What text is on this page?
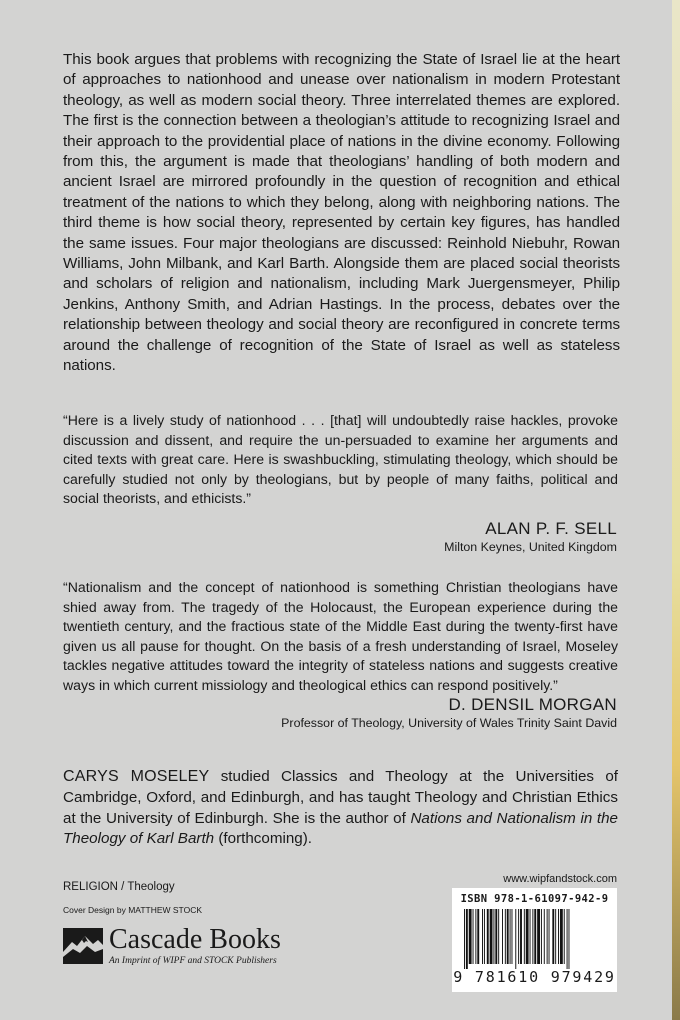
This book argues that problems with recognizing the State of Israel lie at the heart of approaches to nationhood and unease over nationalism in modern Protestant theology, as well as modern social theory. Three interrelated themes are explored. The first is the connection between a theologian’s attitude to recognizing Israel and their approach to the providential place of nations in the divine economy. Following from this, the argument is made that theologians’ handling of both modern and ancient Israel are mirrored profoundly in the question of recognition and ethical treatment of the nations to which they belong, along with neighboring nations. The third theme is how social theory, represented by certain key figures, has handled the same issues. Four major theologians are discussed: Reinhold Niebuhr, Rowan Williams, John Milbank, and Karl Barth. Alongside them are placed social theorists and scholars of religion and nationalism, including Mark Juergensmeyer, Philip Jenkins, Anthony Smith, and Adrian Hastings. In the process, debates over the relationship between theology and social theory are reconfigured in concrete terms around the challenge of recognition of the State of Israel as well as stateless nations.

“Here is a lively study of nationhood . . . [that] will undoubtedly raise hackles, provoke discussion and dissent, and require the un-persuaded to examine her arguments and cited texts with great care. Here is swashbuckling, stimulating theology, which should be carefully studied not only by theologians, but by people of many faiths, political and social theorists, and ethicists.”

ALAN P. F. SELL
Milton Keynes, United Kingdom

“Nationalism and the concept of nationhood is something Christian theologians have shied away from. The tragedy of the Holocaust, the European experience during the twentieth century, and the fractious state of the Middle East during the twenty-first have given us all pause for thought. On the basis of a fresh understanding of Israel, Moseley tackles negative attitudes toward the integrity of stateless nations and suggests creative ways in which current missiology and theological ethics can respond positively.”

D. DENSIL MORGAN
Professor of Theology, University of Wales Trinity Saint David

CARYS MOSELEY studied Classics and Theology at the Universities of Cambridge, Oxford, and Edinburgh, and has taught Theology and Christian Ethics at the University of Edinburgh. She is the author of Nations and Nationalism in the Theology of Karl Barth (forthcoming).

RELIGION / Theology
Cover Design by MATTHEW STOCK
Cascade Books
An Imprint of WIPF and STOCK Publishers
www.wipfandstock.com
ISBN 978-1-61097-942-9
9 781610 979429
